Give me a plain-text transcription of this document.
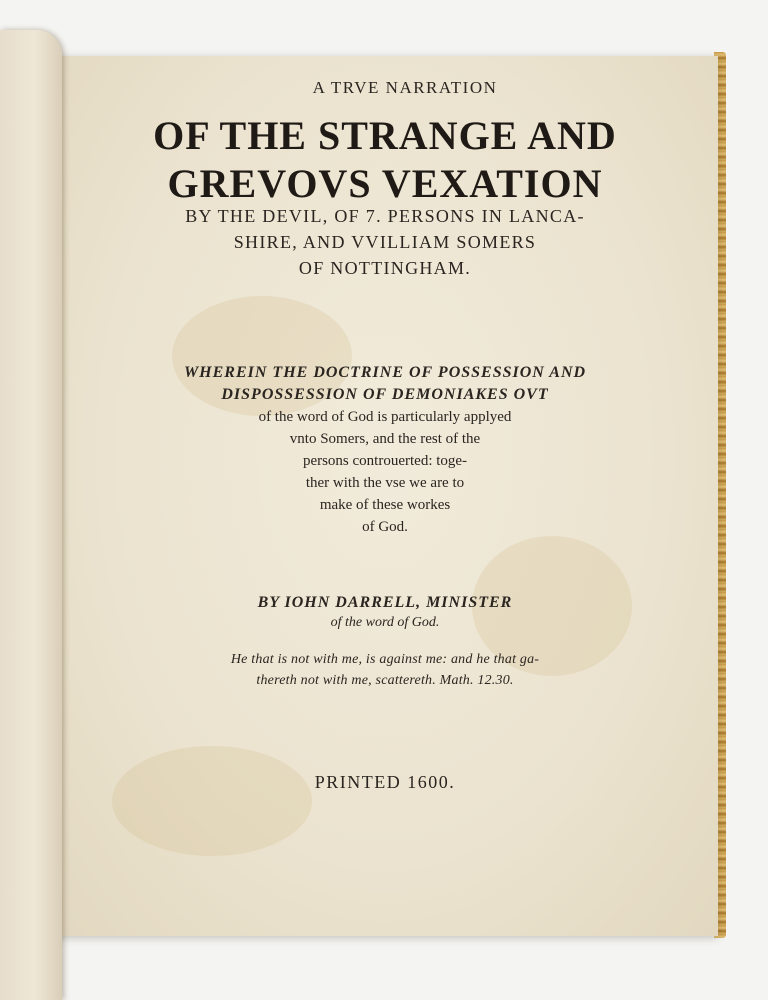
A TRVE NARRATION
OF THE STRANGE AND
GREVOVS VEXATION
BY THE DEVIL, OF 7. PERSONS IN LANCA-
SHIRE, AND VVILLIAM SOMERS
OF NOTTINGHAM.
WHEREIN THE DOCTRINE OF POSSESSION AND
DISPOSSESSION OF DEMONIAKES OVT
of the word of God is particularly applyed
vnto Somers, and the rest of the
persons controuerted: toge-
ther with the vse we are to
make of these workes
of God.
BY IOHN DARRELL, MINISTER
of the word of God.
He that is not with me, is against me: and he that ga-
thereth not with me, scattereth. Math. 12.30.
PRINTED 1600.
